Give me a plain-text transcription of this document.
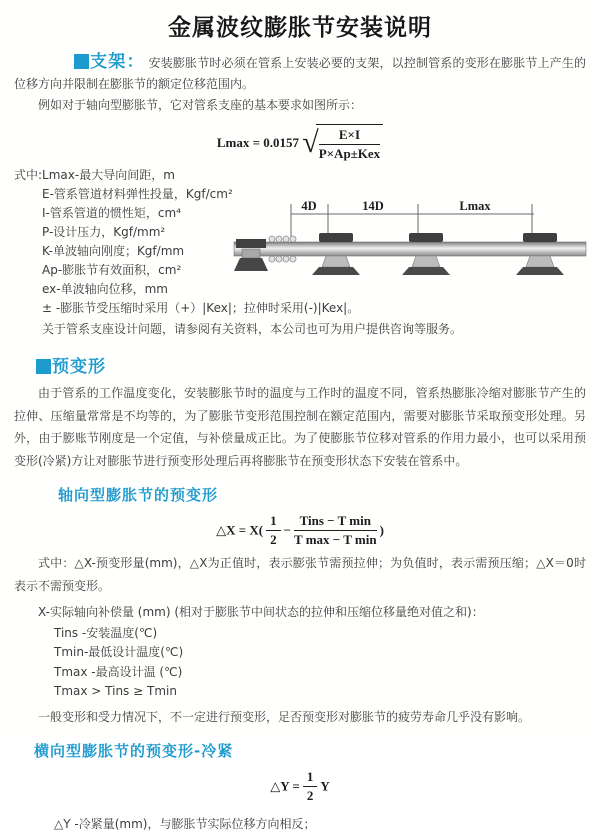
金属波纹膨胀节安装说明

支架： 安装膨胀节时必须在管系上安装必要的支架，以控制管系的变形在膨胀节上产生的位移方向并限制在膨胀节的额定位移范围内。

例如对于轴向型膨胀节，它对管系支座的基本要求如图所示：

Lmax = 0.0157 √
$\frac{E\times I}{\text{P×Ap±Kex}}$
式中:Lmax-最大导向间距，m
E-管系管道材料弹性投量，Kgf/cm²
I-管系管道的惯性矩，cm⁴
P-设计压力，Kgf/mm²
K-单波轴向刚度；Kgf/mm
Ap-膨胀节有效面积，cm²
ex-单波轴向位移，mm
4D	14D	Lmax

± -膨胀节受压缩时采用（+）|Kex|；拉伸时采用(-)|Kex|。

关于管系支座设计问题，请参阅有关资料，本公司也可为用户提供咨询等服务。

预变形

由于管系的工作温度变化，安装膨胀节时的温度与工作时的温度不同，管系热膨胀冷缩对膨胀节产生的拉伸、压缩量常常是不均等的，为了膨胀节变形范围控制在额定范围内，需要对膨胀节采取预变形处理。另外，由于膨账节刚度是一个定值，与补偿量成正比。为了使膨胀节位移对管系的作用力最小，也可以采用预变形(冷紧)方让对膨胀节进行预变形处理后再将膨胀节在预变形状态下安装在管系中。

轴向型膨胀节的预变形
△X = $X( \frac{1}{2} - \frac{\text{Tins − T min}}{\text{T max − T min}}$ )

式中：△X-预变形量(mm)，△X为正值时，表示膨张节需预拉伸；为负值时，表示需预压缩；△X＝0时表示不需预变形。

X-实际轴向补偿量 (mm) (相对于膨胀节中间状态的拉伸和压缩位移量绝对值之和)：

Tins -安装温度(℃)
Tmin-最低设计温度(℃)
Tmax -最高设计温 (℃)
Tmax > Tins ≥ Tmin

一般变形和受力情况下，不一定进行预变形，足否预变形对膨胀节的疲劳寿命几乎没有影响。

横向型膨胀节的预变形-冷紧
△Y = $\frac{1}{2}$ Y

△Y -冷紧量(mm)，与膨胀节实际位移方向相反；
